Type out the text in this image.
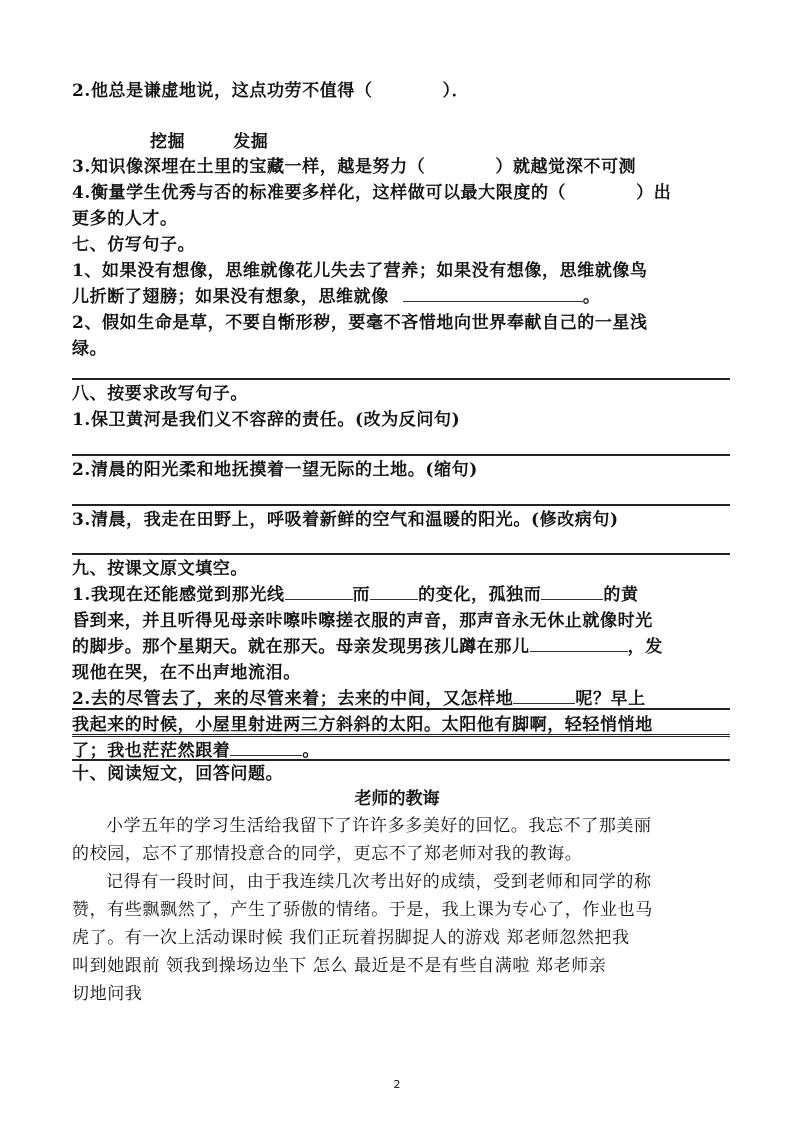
2.他总是谦虚地说，这点功劳不值得（	）．
挖掘	发掘
3.知识像深埋在土里的宝藏一样，越是努力（	）就越觉深不可测
4.衡量学生优秀与否的标准要多样化，这样做可以最大限度的（	）出
更多的人才。
七、仿写句子。
1、如果没有想像，思维就像花儿失去了营养；如果没有想像，思维就像鸟
儿折断了翅膀；如果没有想象，思维就像	。
2、假如生命是草，不要自惭形秽，要毫不吝惜地向世界奉献自己的一星浅
绿。
八、按要求改写句子。
1.保卫黄河是我们义不容辞的责任。(改为反问句)
2.清晨的阳光柔和地抚摸着一望无际的土地。(缩句)
3.清晨，我走在田野上，呼吸着新鲜的空气和温暖的阳光。(修改病句)
九、按课文原文填空。
1.我现在还能感觉到那光线	而	的变化，孤独而	的黄
昏到来，并且听得见母亲咔嚓咔嚓搓衣服的声音，那声音永无休止就像时光
的脚步。那个星期天。就在那天。母亲发现男孩儿蹲在那儿	，发
现他在哭，在不出声地流泪。
2.去的尽管去了，来的尽管来着；去来的中间，又怎样地	呢？早上
我起来的时候，小屋里射进两三方斜斜的太阳。太阳他有脚啊，轻轻悄悄地
了；我也茫茫然跟着	。
十、阅读短文，回答问题。
老师的教诲
小学五年的学习生活给我留下了许许多多美好的回忆。我忘不了那美丽
的校园，忘不了那情投意合的同学，更忘不了郑老师对我的教诲。
记得有一段时间，由于我连续几次考出好的成绩，受到老师和同学的称
赞，有些飘飘然了，产生了骄傲的情绪。于是，我上课为专心了，作业也马
虎了。有一次上活动课时候 我们正玩着拐脚捉人的游戏 郑老师忽然把我
叫到她跟前 领我到操场边坐下 怎么 最近是不是有些自满啦 郑老师亲
切地问我
2
